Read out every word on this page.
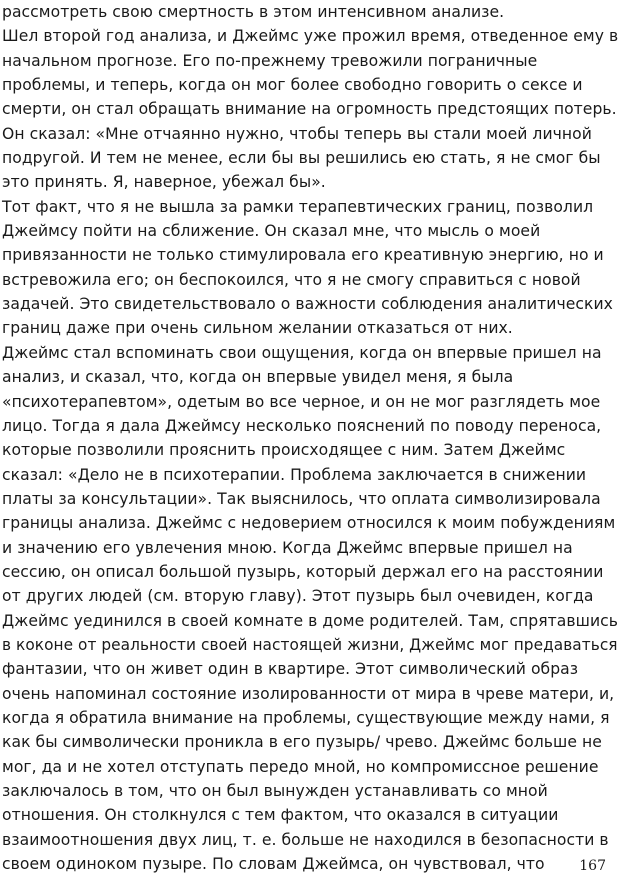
рассмотреть свою смертность в этом интенсивном анализе.
Шел второй год анализа, и Джеймс уже прожил время, отведенное ему в
начальном прогнозе. Его по-прежнему тревожили пограничные
проблемы, и теперь, когда он мог более свободно говорить о сексе и
смерти, он стал обращать внимание на огромность предстоящих потерь.
Он сказал: «Мне отчаянно нужно, чтобы теперь вы стали моей личной
подругой. И тем не менее, если бы вы решились ею стать, я не смог бы
это принять. Я, наверное, убежал бы».
Тот факт, что я не вышла за рамки терапевтических границ, позволил
Джеймсу пойти на сближение. Он сказал мне, что мысль о моей
привязанности не только стимулировала его креативную энергию, но и
встревожила его; он беспокоился, что я не смогу справиться с новой
задачей. Это свидетельствовало о важности соблюдения аналитических
границ даже при очень сильном желании отказаться от них.
Джеймс стал вспоминать свои ощущения, когда он впервые пришел на
анализ, и сказал, что, когда он впервые увидел меня, я была
«психотерапевтом», одетым во все черное, и он не мог разглядеть мое
лицо. Тогда я дала Джеймсу несколько пояснений по поводу переноса,
которые позволили прояснить происходящее с ним. Затем Джеймс
сказал: «Дело не в психотерапии. Проблема заключается в снижении
платы за консультации». Так выяснилось, что оплата символизировала
границы анализа. Джеймс с недоверием относился к моим побуждениям
и значению его увлечения мною. Когда Джеймс впервые пришел на
сессию, он описал большой пузырь, который держал его на расстоянии
от других людей (см. вторую главу). Этот пузырь был очевиден, когда
Джеймс уединился в своей комнате в доме родителей. Там, спрятавшись
в коконе от реальности своей настоящей жизни, Джеймс мог предаваться
фантазии, что он живет один в квартире. Этот символический образ
очень напоминал состояние изолированности от мира в чреве матери, и,
когда я обратила внимание на проблемы, существующие между нами, я
как бы символически проникла в его пузырь/ чрево. Джеймс больше не
мог, да и не хотел отступать передо мной, но компромиссное решение
заключалось в том, что он был вынужден устанавливать со мной
отношения. Он столкнулся с тем фактом, что оказался в ситуации
взаимоотношения двух лиц, т. е. больше не находился в безопасности в
своем одиноком пузыре. По словам Джеймса, он чувствовал, что	167
